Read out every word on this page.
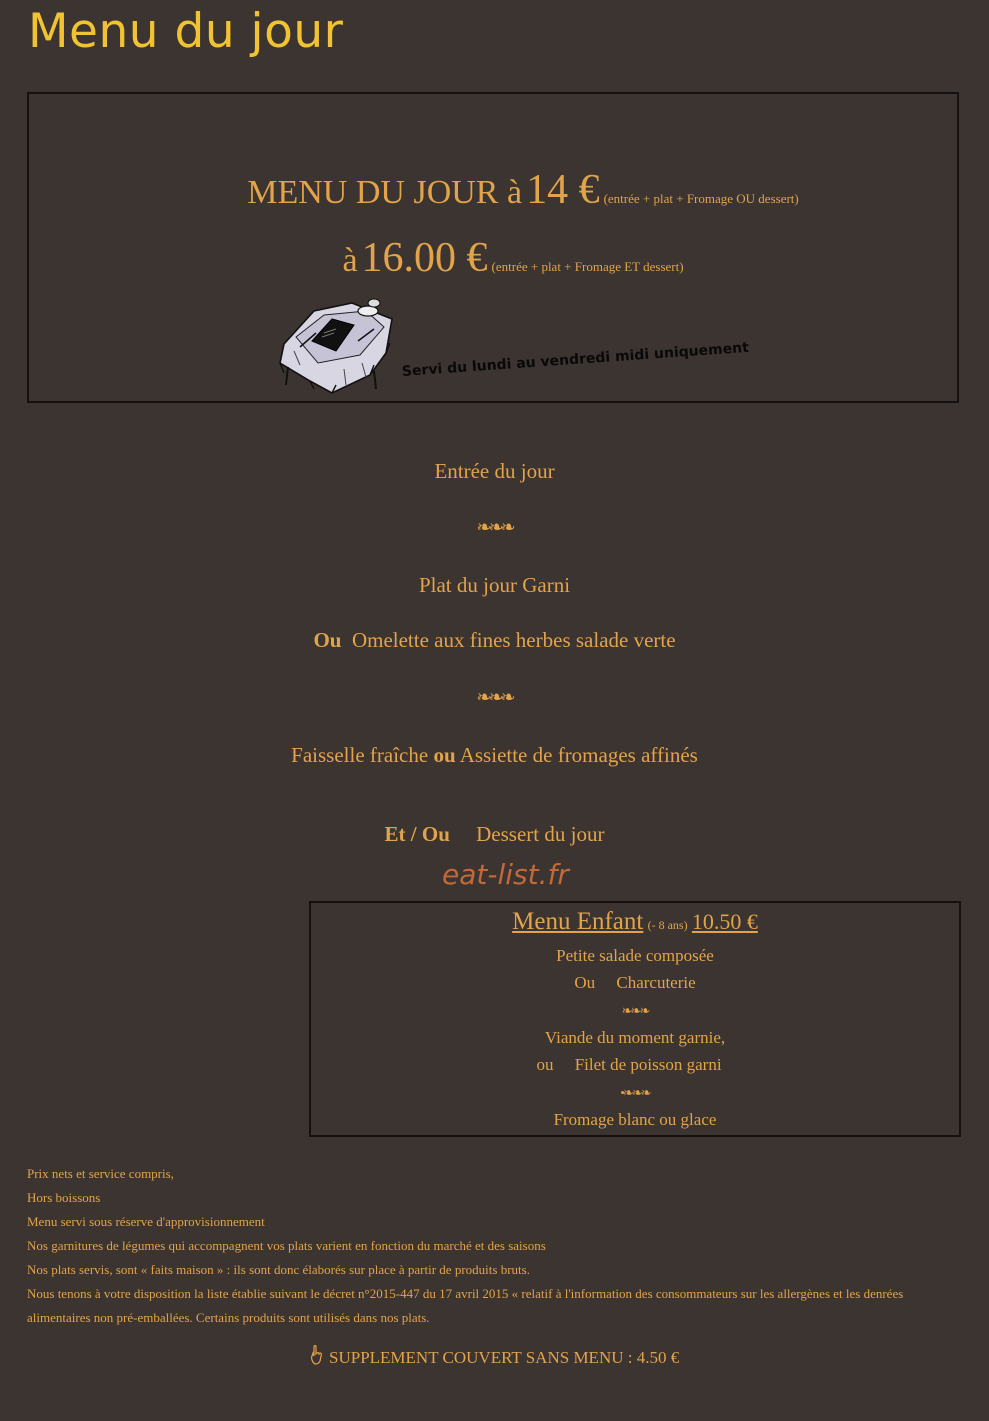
Menu du jour
MENU DU JOUR à 14 € (entrée + plat + Fromage OU dessert)
à 16.00 € (entrée + plat + Fromage ET dessert)
Servi du lundi au vendredi midi uniquement
Entrée du jour
❧❧❧
Plat du jour Garni
Ou Omelette aux fines herbes salade verte
❧❧❧
Faisselle fraîche ou Assiette de fromages affinés
Et / Ou Dessert du jour
eat-list.fr
Menu Enfant (- 8 ans) 10.50 €
Petite salade composée
Ou Charcuterie
❧❧❧
Viande du moment garnie,
ou Filet de poisson garni
•❧❧❧
Fromage blanc ou glace
Prix nets et service compris,
Hors boissons
Menu servi sous réserve d'approvisionnement
Nos garnitures de légumes qui accompagnent vos plats varient en fonction du marché et des saisons
Nos plats servis, sont « faits maison » : ils sont donc élaborés sur place à partir de produits bruts.
Nous tenons à votre disposition la liste établie suivant le décret n°2015-447 du 17 avril 2015 « relatif à l'information des consommateurs sur les allergènes et les denrées alimentaires non pré-emballées. Certains produits sont utilisés dans nos plats.
SUPPLEMENT COUVERT SANS MENU : 4.50 €
